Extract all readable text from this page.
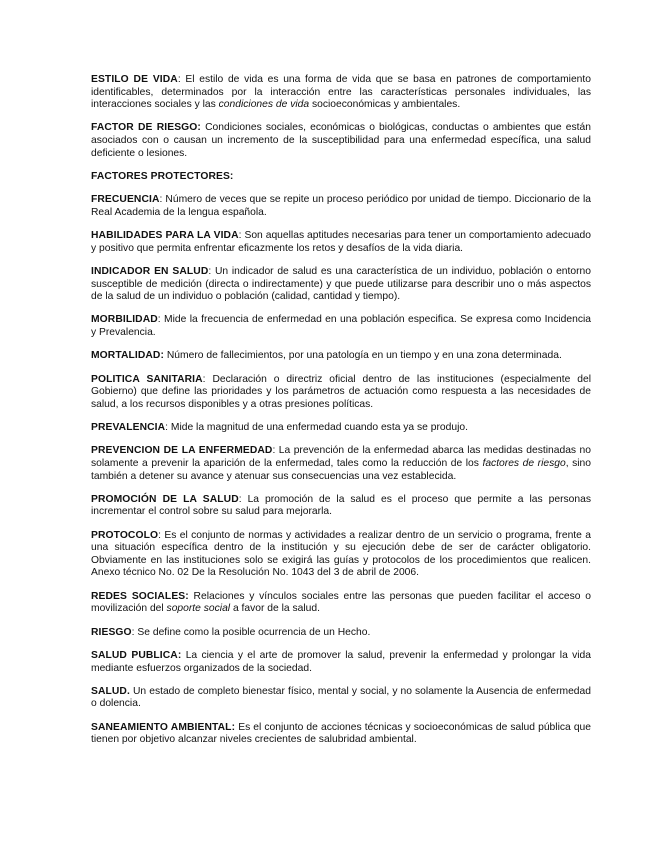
ESTILO DE VIDA: El estilo de vida es una forma de vida que se basa en patrones de comportamiento identificables, determinados por la interacción entre las características personales individuales, las interacciones sociales y las condiciones de vida socioeconómicas y ambientales.

FACTOR DE RIESGO: Condiciones sociales, económicas o biológicas, conductas o ambientes que están asociados con o causan un incremento de la susceptibilidad para una enfermedad específica, una salud deficiente o lesiones.

FACTORES PROTECTORES:

FRECUENCIA: Número de veces que se repite un proceso periódico por unidad de tiempo. Diccionario de la Real Academia de la lengua española.

HABILIDADES PARA LA VIDA: Son aquellas aptitudes necesarias para tener un comportamiento adecuado y positivo que permita enfrentar eficazmente los retos y desafíos de la vida diaria.

INDICADOR EN SALUD: Un indicador de salud es una característica de un individuo, población o entorno susceptible de medición (directa o indirectamente) y que puede utilizarse para describir uno o más aspectos de la salud de un individuo o población (calidad, cantidad y tiempo).

MORBILIDAD: Mide la frecuencia de enfermedad en una población especifica. Se expresa como Incidencia y Prevalencia.

MORTALIDAD: Número de fallecimientos, por una patología en un tiempo y en una zona determinada.

POLITICA SANITARIA: Declaración o directriz oficial dentro de las instituciones (especialmente del Gobierno) que define las prioridades y los parámetros de actuación como respuesta a las necesidades de salud, a los recursos disponibles y a otras presiones políticas.

PREVALENCIA: Mide la magnitud de una enfermedad cuando esta ya se produjo.

PREVENCION DE LA ENFERMEDAD: La prevención de la enfermedad abarca las medidas destinadas no solamente a prevenir la aparición de la enfermedad, tales como la reducción de los factores de riesgo, sino también a detener su avance y atenuar sus consecuencias una vez establecida.

PROMOCIÓN DE LA SALUD: La promoción de la salud es el proceso que permite a las personas incrementar el control sobre su salud para mejorarla.

PROTOCOLO: Es el conjunto de normas y actividades a realizar dentro de un servicio o programa, frente a una situación específica dentro de la institución y su ejecución debe de ser de carácter obligatorio. Obviamente en las instituciones solo se exigirá las guías y protocolos de los procedimientos que realicen. Anexo técnico No. 02 De la Resolución No. 1043 del 3 de abril de 2006.

REDES SOCIALES: Relaciones y vínculos sociales entre las personas que pueden facilitar el acceso o movilización del soporte social a favor de la salud.

RIESGO: Se define como la posible ocurrencia de un Hecho.

SALUD PUBLICA: La ciencia y el arte de promover la salud, prevenir la enfermedad y prolongar la vida mediante esfuerzos organizados de la sociedad.

SALUD. Un estado de completo bienestar físico, mental y social, y no solamente la Ausencia de enfermedad o dolencia.

SANEAMIENTO AMBIENTAL: Es el conjunto de acciones técnicas y socioeconómicas de salud pública que tienen por objetivo alcanzar niveles crecientes de salubridad ambiental.
